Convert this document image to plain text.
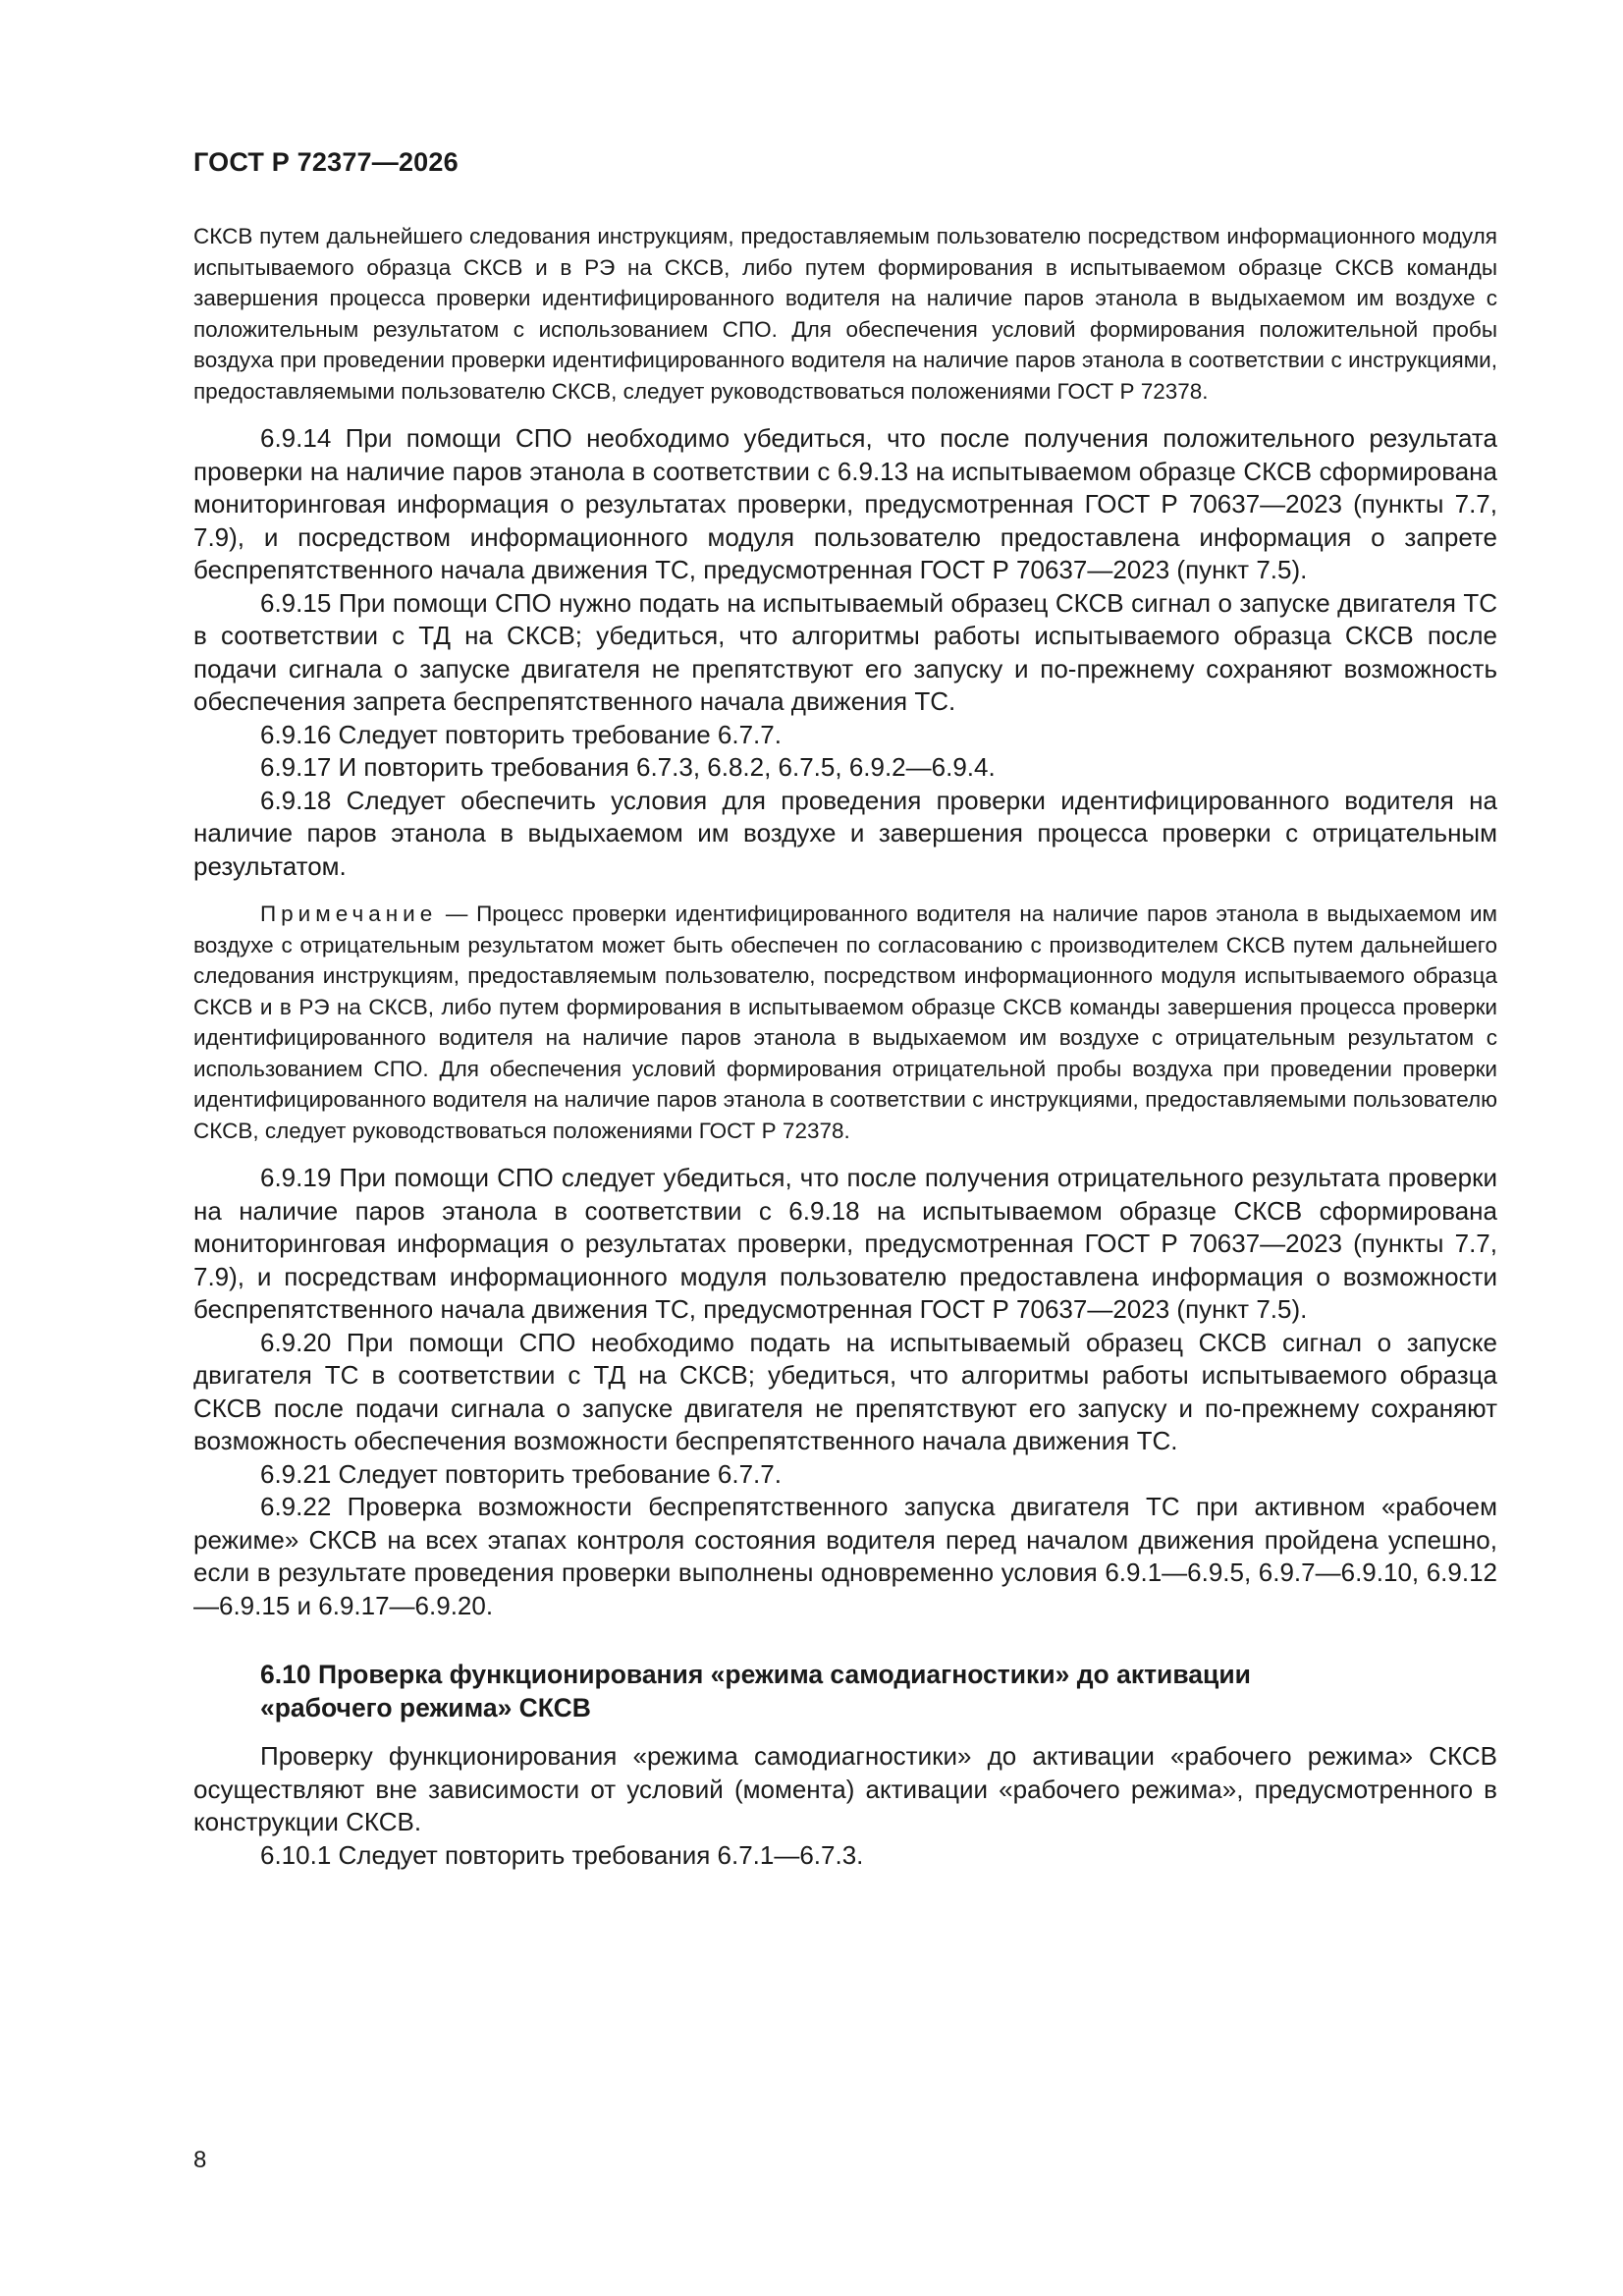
ГОСТ Р 72377—2026

СКСВ путем дальнейшего следования инструкциям, предоставляемым пользователю посредством информационного модуля испытываемого образца СКСВ и в РЭ на СКСВ, либо путем формирования в испытываемом образце СКСВ команды завершения процесса проверки идентифицированного водителя на наличие паров этанола в выдыхаемом им воздухе с положительным результатом с использованием СПО. Для обеспечения условий формирования положительной пробы воздуха при проведении проверки идентифицированного водителя на наличие паров этанола в соответствии с инструкциями, предоставляемыми пользователю СКСВ, следует руководствоваться положениями ГОСТ Р 72378.

6.9.14 При помощи СПО необходимо убедиться, что после получения положительного результата проверки на наличие паров этанола в соответствии с 6.9.13 на испытываемом образце СКСВ сформирована мониторинговая информация о результатах проверки, предусмотренная ГОСТ Р 70637—2023 (пункты 7.7, 7.9), и посредством информационного модуля пользователю предоставлена информация о запрете беспрепятственного начала движения ТС, предусмотренная ГОСТ Р 70637—2023 (пункт 7.5).

6.9.15 При помощи СПО нужно подать на испытываемый образец СКСВ сигнал о запуске двигателя ТС в соответствии с ТД на СКСВ; убедиться, что алгоритмы работы испытываемого образца СКСВ после подачи сигнала о запуске двигателя не препятствуют его запуску и по-прежнему сохраняют возможность обеспечения запрета беспрепятственного начала движения ТС.

6.9.16 Следует повторить требование 6.7.7.

6.9.17 И повторить требования 6.7.3, 6.8.2, 6.7.5, 6.9.2—6.9.4.

6.9.18 Следует обеспечить условия для проведения проверки идентифицированного водителя на наличие паров этанола в выдыхаемом им воздухе и завершения процесса проверки с отрицательным результатом.

Примечание — Процесс проверки идентифицированного водителя на наличие паров этанола в выдыхаемом им воздухе с отрицательным результатом может быть обеспечен по согласованию с производителем СКСВ путем дальнейшего следования инструкциям, предоставляемым пользователю, посредством информационного модуля испытываемого образца СКСВ и в РЭ на СКСВ, либо путем формирования в испытываемом образце СКСВ команды завершения процесса проверки идентифицированного водителя на наличие паров этанола в выдыхаемом им воздухе с отрицательным результатом с использованием СПО. Для обеспечения условий формирования отрицательной пробы воздуха при проведении проверки идентифицированного водителя на наличие паров этанола в соответствии с инструкциями, предоставляемыми пользователю СКСВ, следует руководствоваться положениями ГОСТ Р 72378.

6.9.19 При помощи СПО следует убедиться, что после получения отрицательного результата проверки на наличие паров этанола в соответствии с 6.9.18 на испытываемом образце СКСВ сформирована мониторинговая информация о результатах проверки, предусмотренная ГОСТ Р 70637—2023 (пункты 7.7, 7.9), и посредствам информационного модуля пользователю предоставлена информация о возможности беспрепятственного начала движения ТС, предусмотренная ГОСТ Р 70637—2023 (пункт 7.5).

6.9.20 При помощи СПО необходимо подать на испытываемый образец СКСВ сигнал о запуске двигателя ТС в соответствии с ТД на СКСВ; убедиться, что алгоритмы работы испытываемого образца СКСВ после подачи сигнала о запуске двигателя не препятствуют его запуску и по-прежнему сохраняют возможность обеспечения возможности беспрепятственного начала движения ТС.

6.9.21 Следует повторить требование 6.7.7.

6.9.22 Проверка возможности беспрепятственного запуска двигателя ТС при активном «рабочем режиме» СКСВ на всех этапах контроля состояния водителя перед началом движения пройдена успешно, если в результате проведения проверки выполнены одновременно условия 6.9.1—6.9.5, 6.9.7—6.9.10, 6.9.12—6.9.15 и 6.9.17—6.9.20.

6.10 Проверка функционирования «режима самодиагностики» до активации
«рабочего режима» СКСВ

Проверку функционирования «режима самодиагностики» до активации «рабочего режима» СКСВ осуществляют вне зависимости от условий (момента) активации «рабочего режима», предусмотренного в конструкции СКСВ.

6.10.1 Следует повторить требования 6.7.1—6.7.3.

8
